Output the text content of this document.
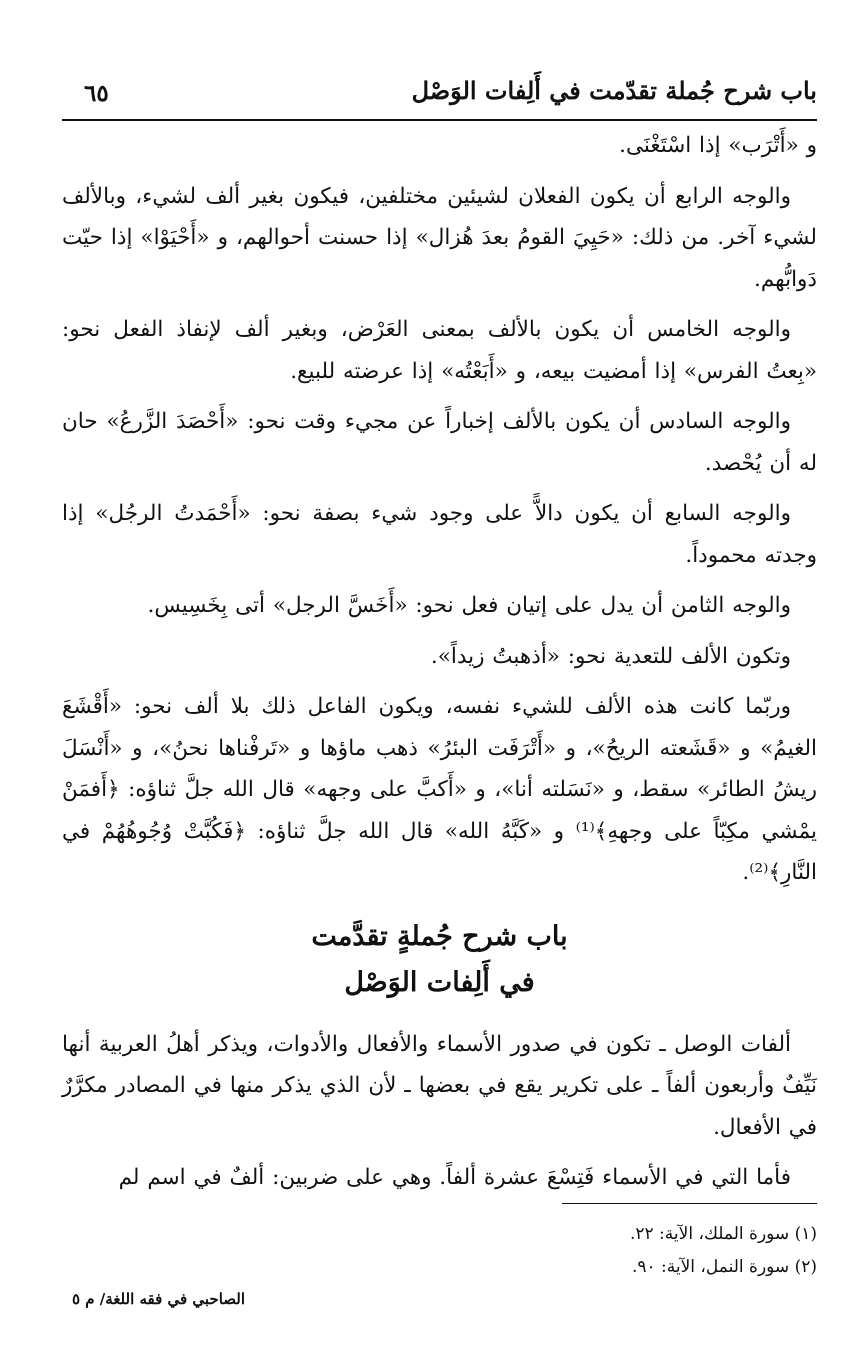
باب شرح جُملة تقدّمت في أَلِفات الوَصْل
٦٥

و «أَتْرَب» إذا اسْتَغْنَى.

والوجه الرابع أن يكون الفعلان لشيئين مختلفين، فيكون بغير ألف لشيء، وبالألف لشيء آخر. من ذلك: «حَيِيَ القومُ بعدَ هُزال» إذا حسنت أحوالهم، و «أَحْيَوْا» إذا حيّت دَوابُّهم.

والوجه الخامس أن يكون بالألف بمعنى العَرْض، وبغير ألف لإنفاذ الفعل نحو: «بِعتُ الفرس» إذا أمضيت بيعه، و «أَبَعْتُه» إذا عرضته للبيع.

والوجه السادس أن يكون بالألف إخباراً عن مجيء وقت نحو: «أَحْصَدَ الزَّرعُ» حان له أن يُحْصد.

والوجه السابع أن يكون دالاًّ على وجود شيء بصفة نحو: «أَحْمَدتُ الرجُل» إذا وجدته محموداً.

والوجه الثامن أن يدل على إتيان فعل نحو: «أَخَسَّ الرجل» أتى بِخَسِيس.

وتكون الألف للتعدية نحو: «أذهبتُ زيداً».

وربّما كانت هذه الألف للشيء نفسه، ويكون الفاعل ذلك بلا ألف نحو: «أَقْشَعَ الغيمُ» و «قَشَعته الريحُ»، و «أَتْرَفَت البئرُ» ذهب ماؤها و «تَرفْناها نحنُ»، و «أَنْسَلَ ريشُ الطائر» سقط، و «نَسَلته أنا»، و «أَكبَّ على وجهه» قال الله جلَّ ثناؤه: ﴿أَفمَنْ يمْشي مكِبّاً على وجههِ﴾⁽¹⁾ و «كَبَّهُ الله» قال الله جلَّ ثناؤه: ﴿فَكُبَّتْ وُجُوهُهُمْ في النَّارِ﴾⁽²⁾.

باب شرح جُملةٍ تقدَّمت
في أَلِفات الوَصْل

ألفات الوصل ـ تكون في صدور الأسماء والأفعال والأدوات، ويذكر أهلُ العربية أنها نَيِّفٌ وأربعون ألفاً ـ على تكرير يقع في بعضها ـ لأن الذي يذكر منها في المصادر مكرَّرٌ في الأفعال.

فأما التي في الأسماء فَتِسْعَ عشرة ألفاً. وهي على ضربين: ألفٌ في اسم لم

(١) سورة الملك، الآية: ٢٢.

(٢) سورة النمل، الآية: ٩٠.

الصاحبي في فقه اللغة/ م ٥
